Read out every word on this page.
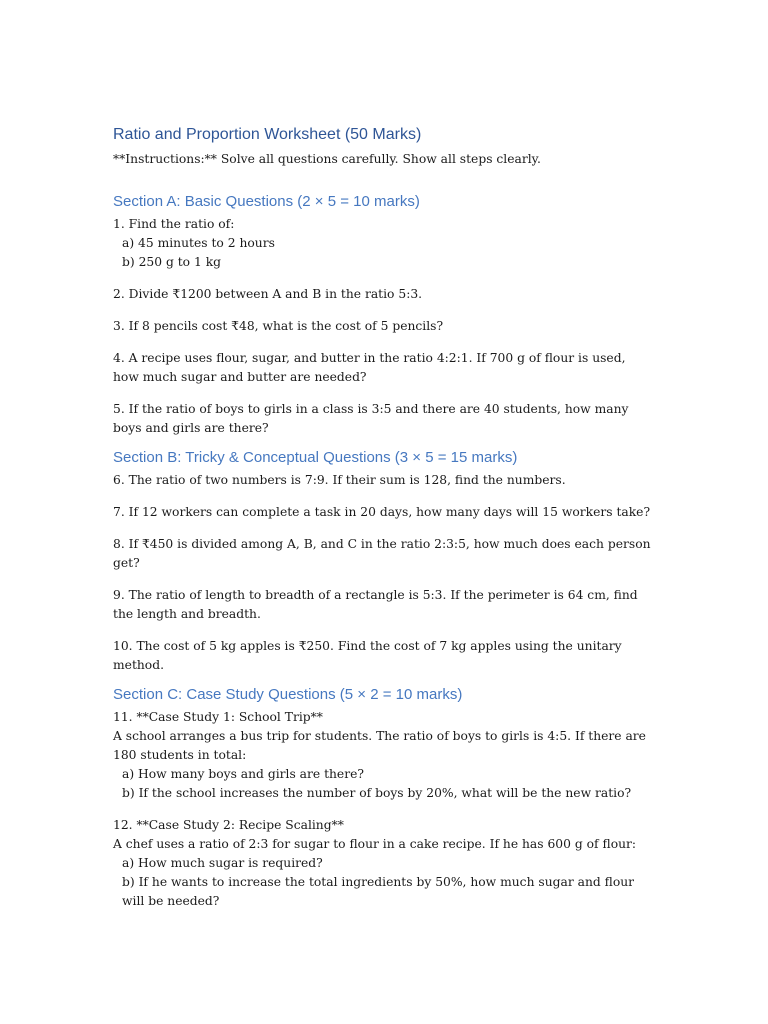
Ratio and Proportion Worksheet (50 Marks)

**Instructions:** Solve all questions carefully. Show all steps clearly.

Section A: Basic Questions (2 × 5 = 10 marks)

1. Find the ratio of:

a) 45 minutes to 2 hours

b) 250 g to 1 kg

2. Divide ₹1200 between A and B in the ratio 5:3.

3. If 8 pencils cost ₹48, what is the cost of 5 pencils?

4. A recipe uses flour, sugar, and butter in the ratio 4:2:1. If 700 g of flour is used, how much sugar and butter are needed?

5. If the ratio of boys to girls in a class is 3:5 and there are 40 students, how many boys and girls are there?

Section B: Tricky & Conceptual Questions (3 × 5 = 15 marks)

6. The ratio of two numbers is 7:9. If their sum is 128, find the numbers.

7. If 12 workers can complete a task in 20 days, how many days will 15 workers take?

8. If ₹450 is divided among A, B, and C in the ratio 2:3:5, how much does each person get?

9. The ratio of length to breadth of a rectangle is 5:3. If the perimeter is 64 cm, find the length and breadth.

10. The cost of 5 kg apples is ₹250. Find the cost of 7 kg apples using the unitary method.

Section C: Case Study Questions (5 × 2 = 10 marks)

11. **Case Study 1: School Trip**

A school arranges a bus trip for students. The ratio of boys to girls is 4:5. If there are 180 students in total:

a) How many boys and girls are there?

b) If the school increases the number of boys by 20%, what will be the new ratio?

12. **Case Study 2: Recipe Scaling**

A chef uses a ratio of 2:3 for sugar to flour in a cake recipe. If he has 600 g of flour:

a) How much sugar is required?

b) If he wants to increase the total ingredients by 50%, how much sugar and flour will be needed?
